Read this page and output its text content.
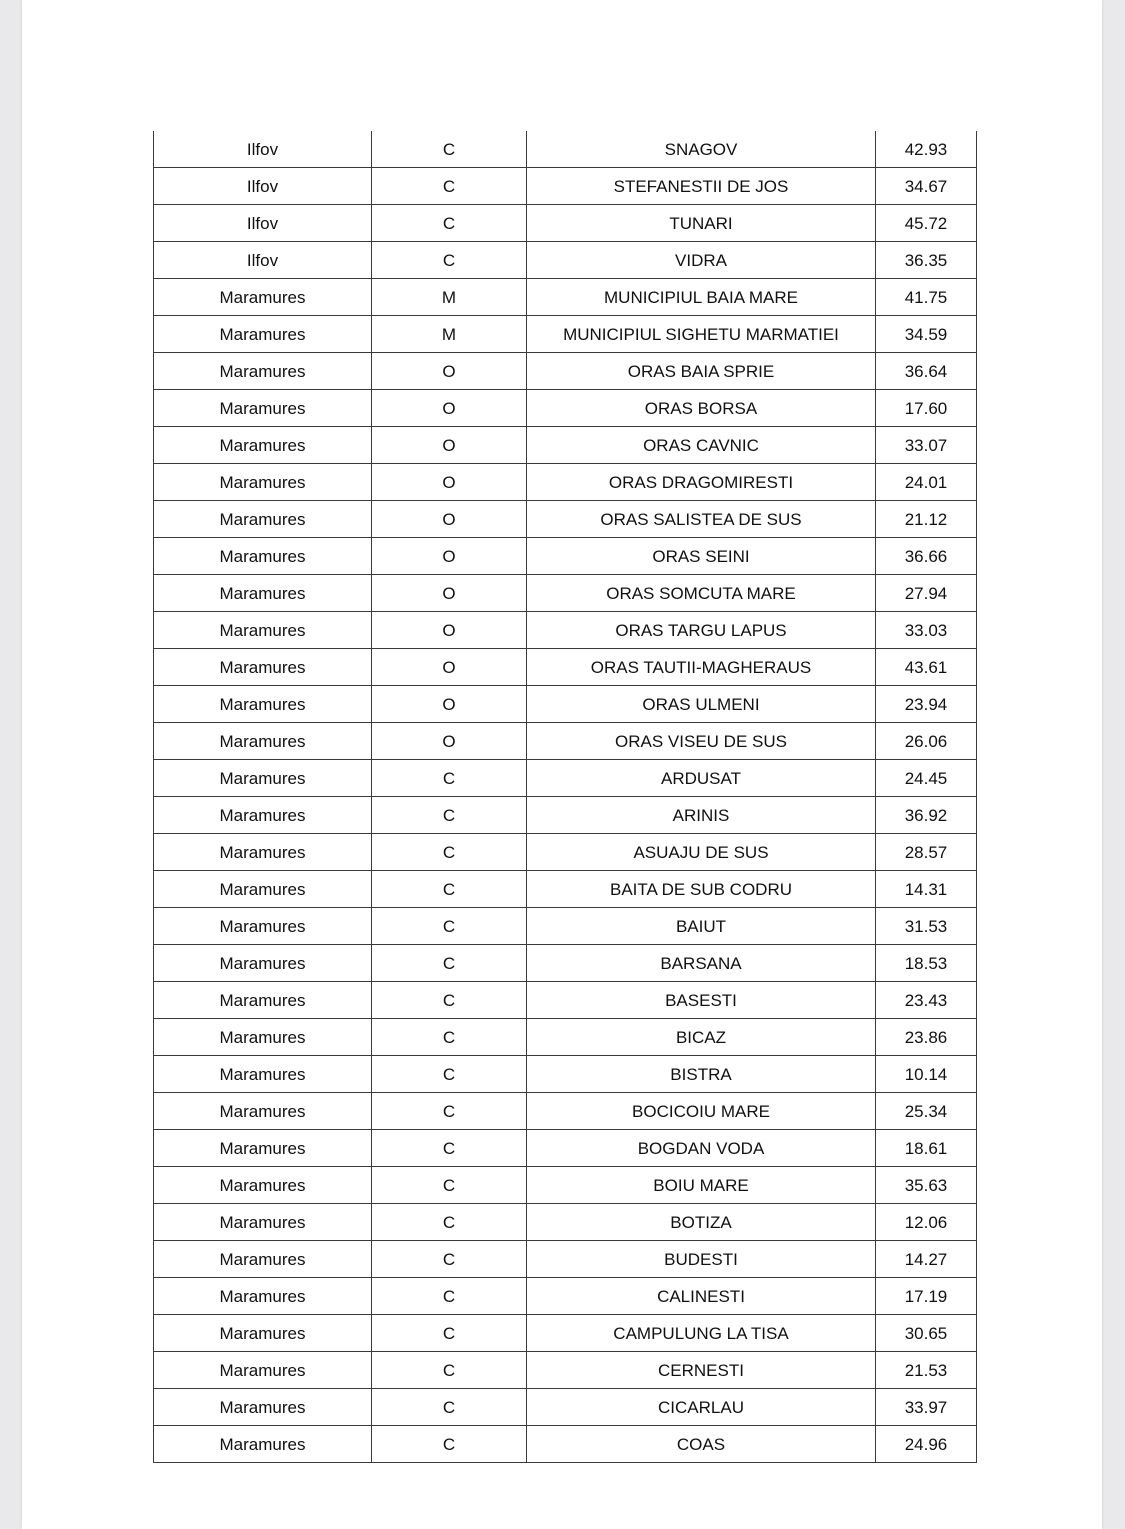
Ilfov	C	SNAGOV	42.93
Ilfov	C	STEFANESTII DE JOS	34.67
Ilfov	C	TUNARI	45.72
Ilfov	C	VIDRA	36.35
Maramures	M	MUNICIPIUL BAIA MARE	41.75
Maramures	M	MUNICIPIUL SIGHETU MARMATIEI	34.59
Maramures	O	ORAS BAIA SPRIE	36.64
Maramures	O	ORAS BORSA	17.60
Maramures	O	ORAS CAVNIC	33.07
Maramures	O	ORAS DRAGOMIRESTI	24.01
Maramures	O	ORAS SALISTEA DE SUS	21.12
Maramures	O	ORAS SEINI	36.66
Maramures	O	ORAS SOMCUTA MARE	27.94
Maramures	O	ORAS TARGU LAPUS	33.03
Maramures	O	ORAS TAUTII-MAGHERAUS	43.61
Maramures	O	ORAS ULMENI	23.94
Maramures	O	ORAS VISEU DE SUS	26.06
Maramures	C	ARDUSAT	24.45
Maramures	C	ARINIS	36.92
Maramures	C	ASUAJU DE SUS	28.57
Maramures	C	BAITA DE SUB CODRU	14.31
Maramures	C	BAIUT	31.53
Maramures	C	BARSANA	18.53
Maramures	C	BASESTI	23.43
Maramures	C	BICAZ	23.86
Maramures	C	BISTRA	10.14
Maramures	C	BOCICOIU MARE	25.34
Maramures	C	BOGDAN VODA	18.61
Maramures	C	BOIU MARE	35.63
Maramures	C	BOTIZA	12.06
Maramures	C	BUDESTI	14.27
Maramures	C	CALINESTI	17.19
Maramures	C	CAMPULUNG LA TISA	30.65
Maramures	C	CERNESTI	21.53
Maramures	C	CICARLAU	33.97
Maramures	C	COAS	24.96
